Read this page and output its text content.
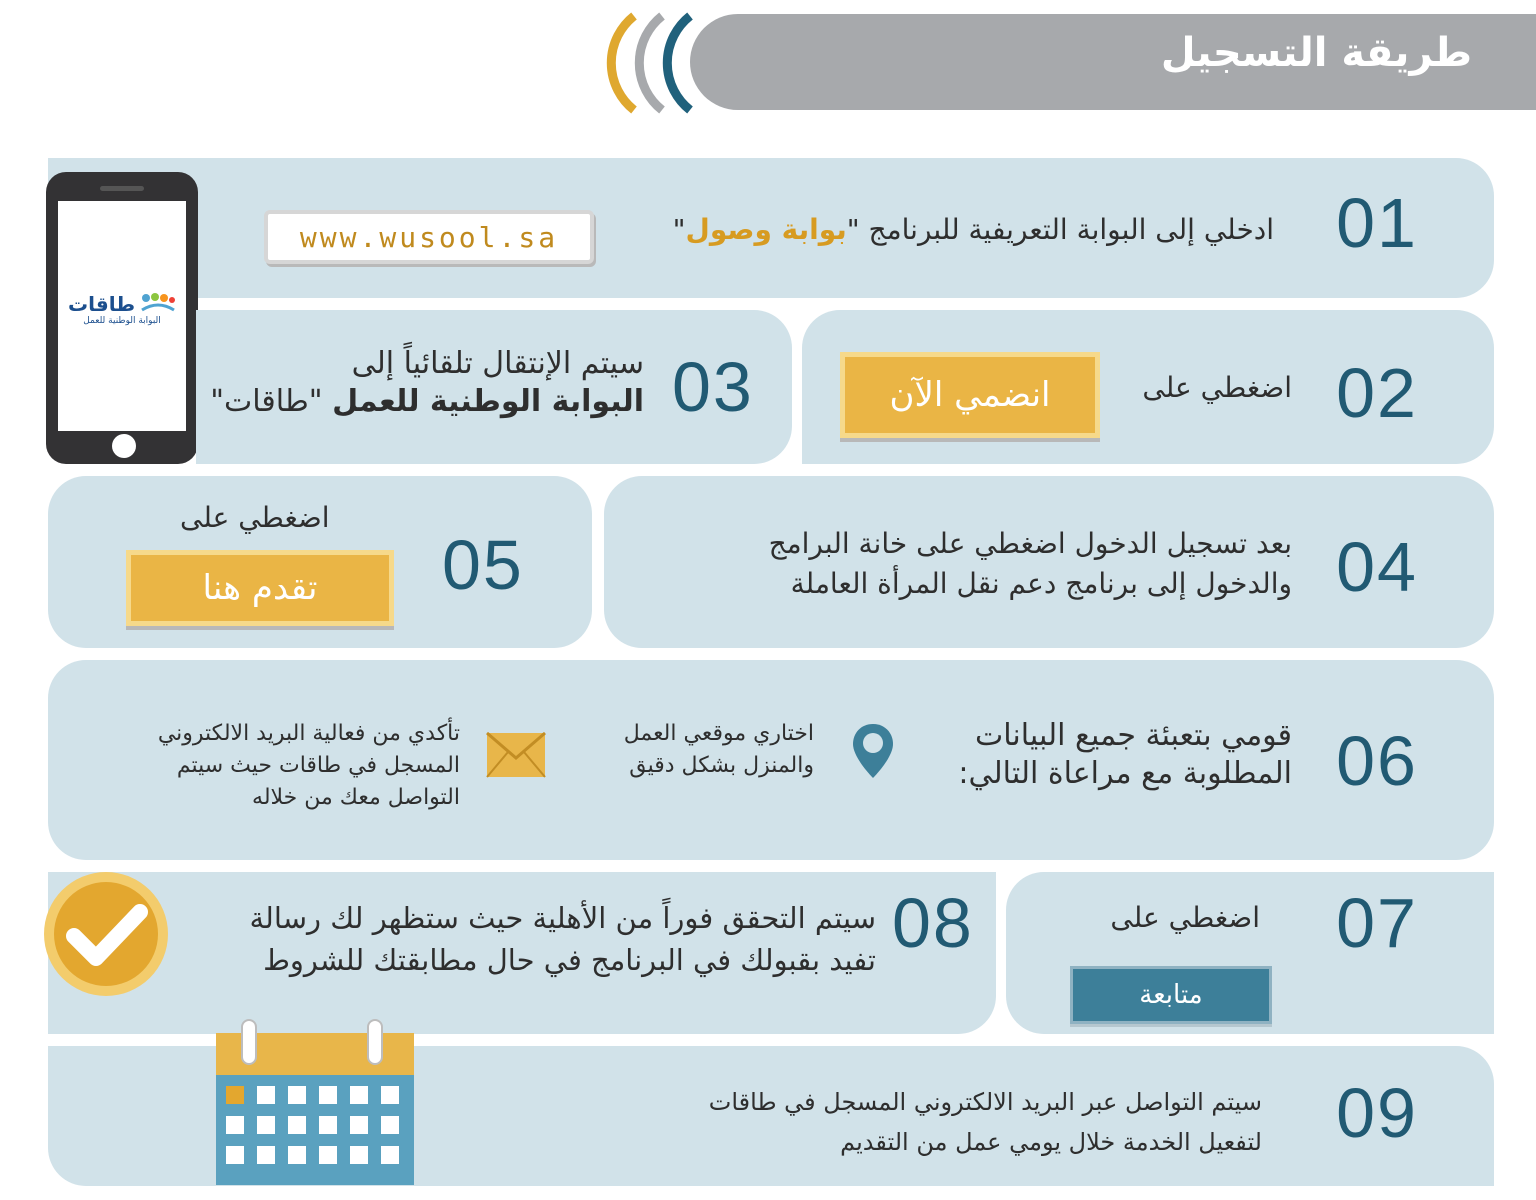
طريقة التسجيل
01
ادخلي إلى البوابة التعريفية للبرنامج "بوابة وصول"
www.wusool.sa
طاقات
البوابة الوطنية للعمل
02
اضغطي على
انضمي الآن
03
سيتم الإنتقال تلقائياً إلى
البوابة الوطنية للعمل "طاقات"
05
اضغطي على
تقدم هنا	04
بعد تسجيل الدخول اضغطي على خانة البرامج
والدخول إلى برنامج دعم نقل المرأة العاملة
06
قومي بتعبئة جميع البيانات
المطلوبة مع مراعاة التالي:
اختاري موقعي العمل
والمنزل بشكل دقيق
تأكدي من فعالية البريد الالكتروني
المسجل في طاقات حيث سيتم
التواصل معك من خلاله
07
اضغطي على
متابعة
08
سيتم التحقق فوراً من الأهلية حيث ستظهر لك رسالة
تفيد بقبولك في البرنامج في حال مطابقتك للشروط
09
سيتم التواصل عبر البريد الالكتروني المسجل في طاقات
لتفعيل الخدمة خلال يومي عمل من التقديم
